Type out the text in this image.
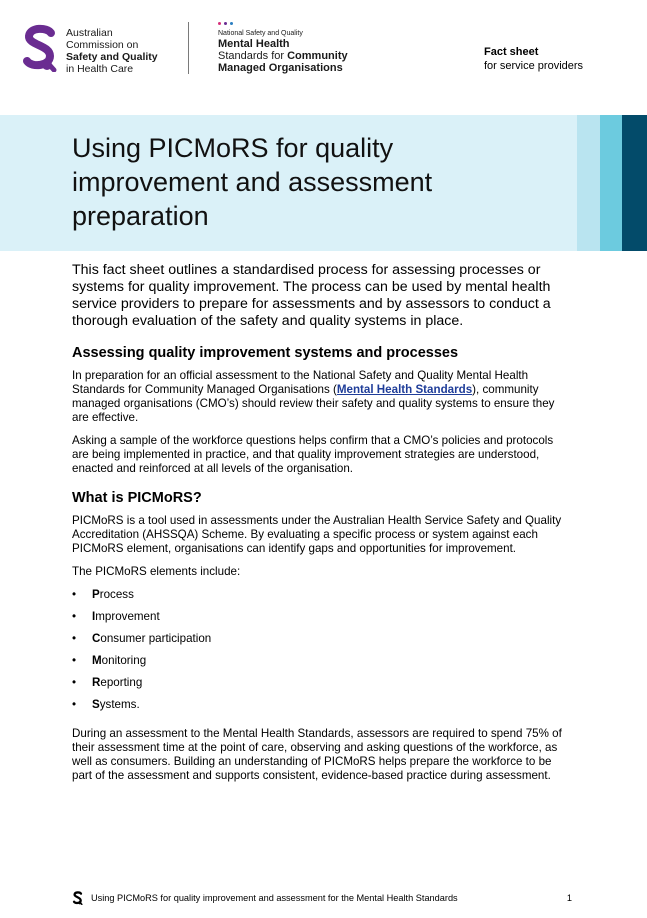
Australian
Commission on
Safety and Quality
in Health Care
National Safety and Quality
Mental Health
Standards for Community
Managed Organisations
Fact sheet
for service providers
Using PICMoRS for quality improvement and assessment preparation

This fact sheet outlines a standardised process for assessing processes or systems for quality improvement. The process can be used by mental health service providers to prepare for assessments and by assessors to conduct a thorough evaluation of the safety and quality systems in place.

Assessing quality improvement systems and processes

In preparation for an official assessment to the National Safety and Quality Mental Health Standards for Community Managed Organisations (Mental Health Standards), community managed organisations (CMO’s) should review their safety and quality systems to ensure they are effective.

Asking a sample of the workforce questions helps confirm that a CMO’s policies and protocols are being implemented in practice, and that quality improvement strategies are understood, enacted and reinforced at all levels of the organisation.

What is PICMoRS?

PICMoRS is a tool used in assessments under the Australian Health Service Safety and Quality Accreditation (AHSSQA) Scheme. By evaluating a specific process or system against each PICMoRS element, organisations can identify gaps and opportunities for improvement.

The PICMoRS elements include:

• Process
• Improvement
• Consumer participation
• Monitoring
• Reporting
• Systems.

During an assessment to the Mental Health Standards, assessors are required to spend 75% of their assessment time at the point of care, observing and asking questions of the workforce, as well as consumers. Building an understanding of PICMoRS helps prepare the workforce to be part of the assessment and supports consistent, evidence-based practice during assessment.

Using PICMoRS for quality improvement and assessment for the Mental Health Standards	1
